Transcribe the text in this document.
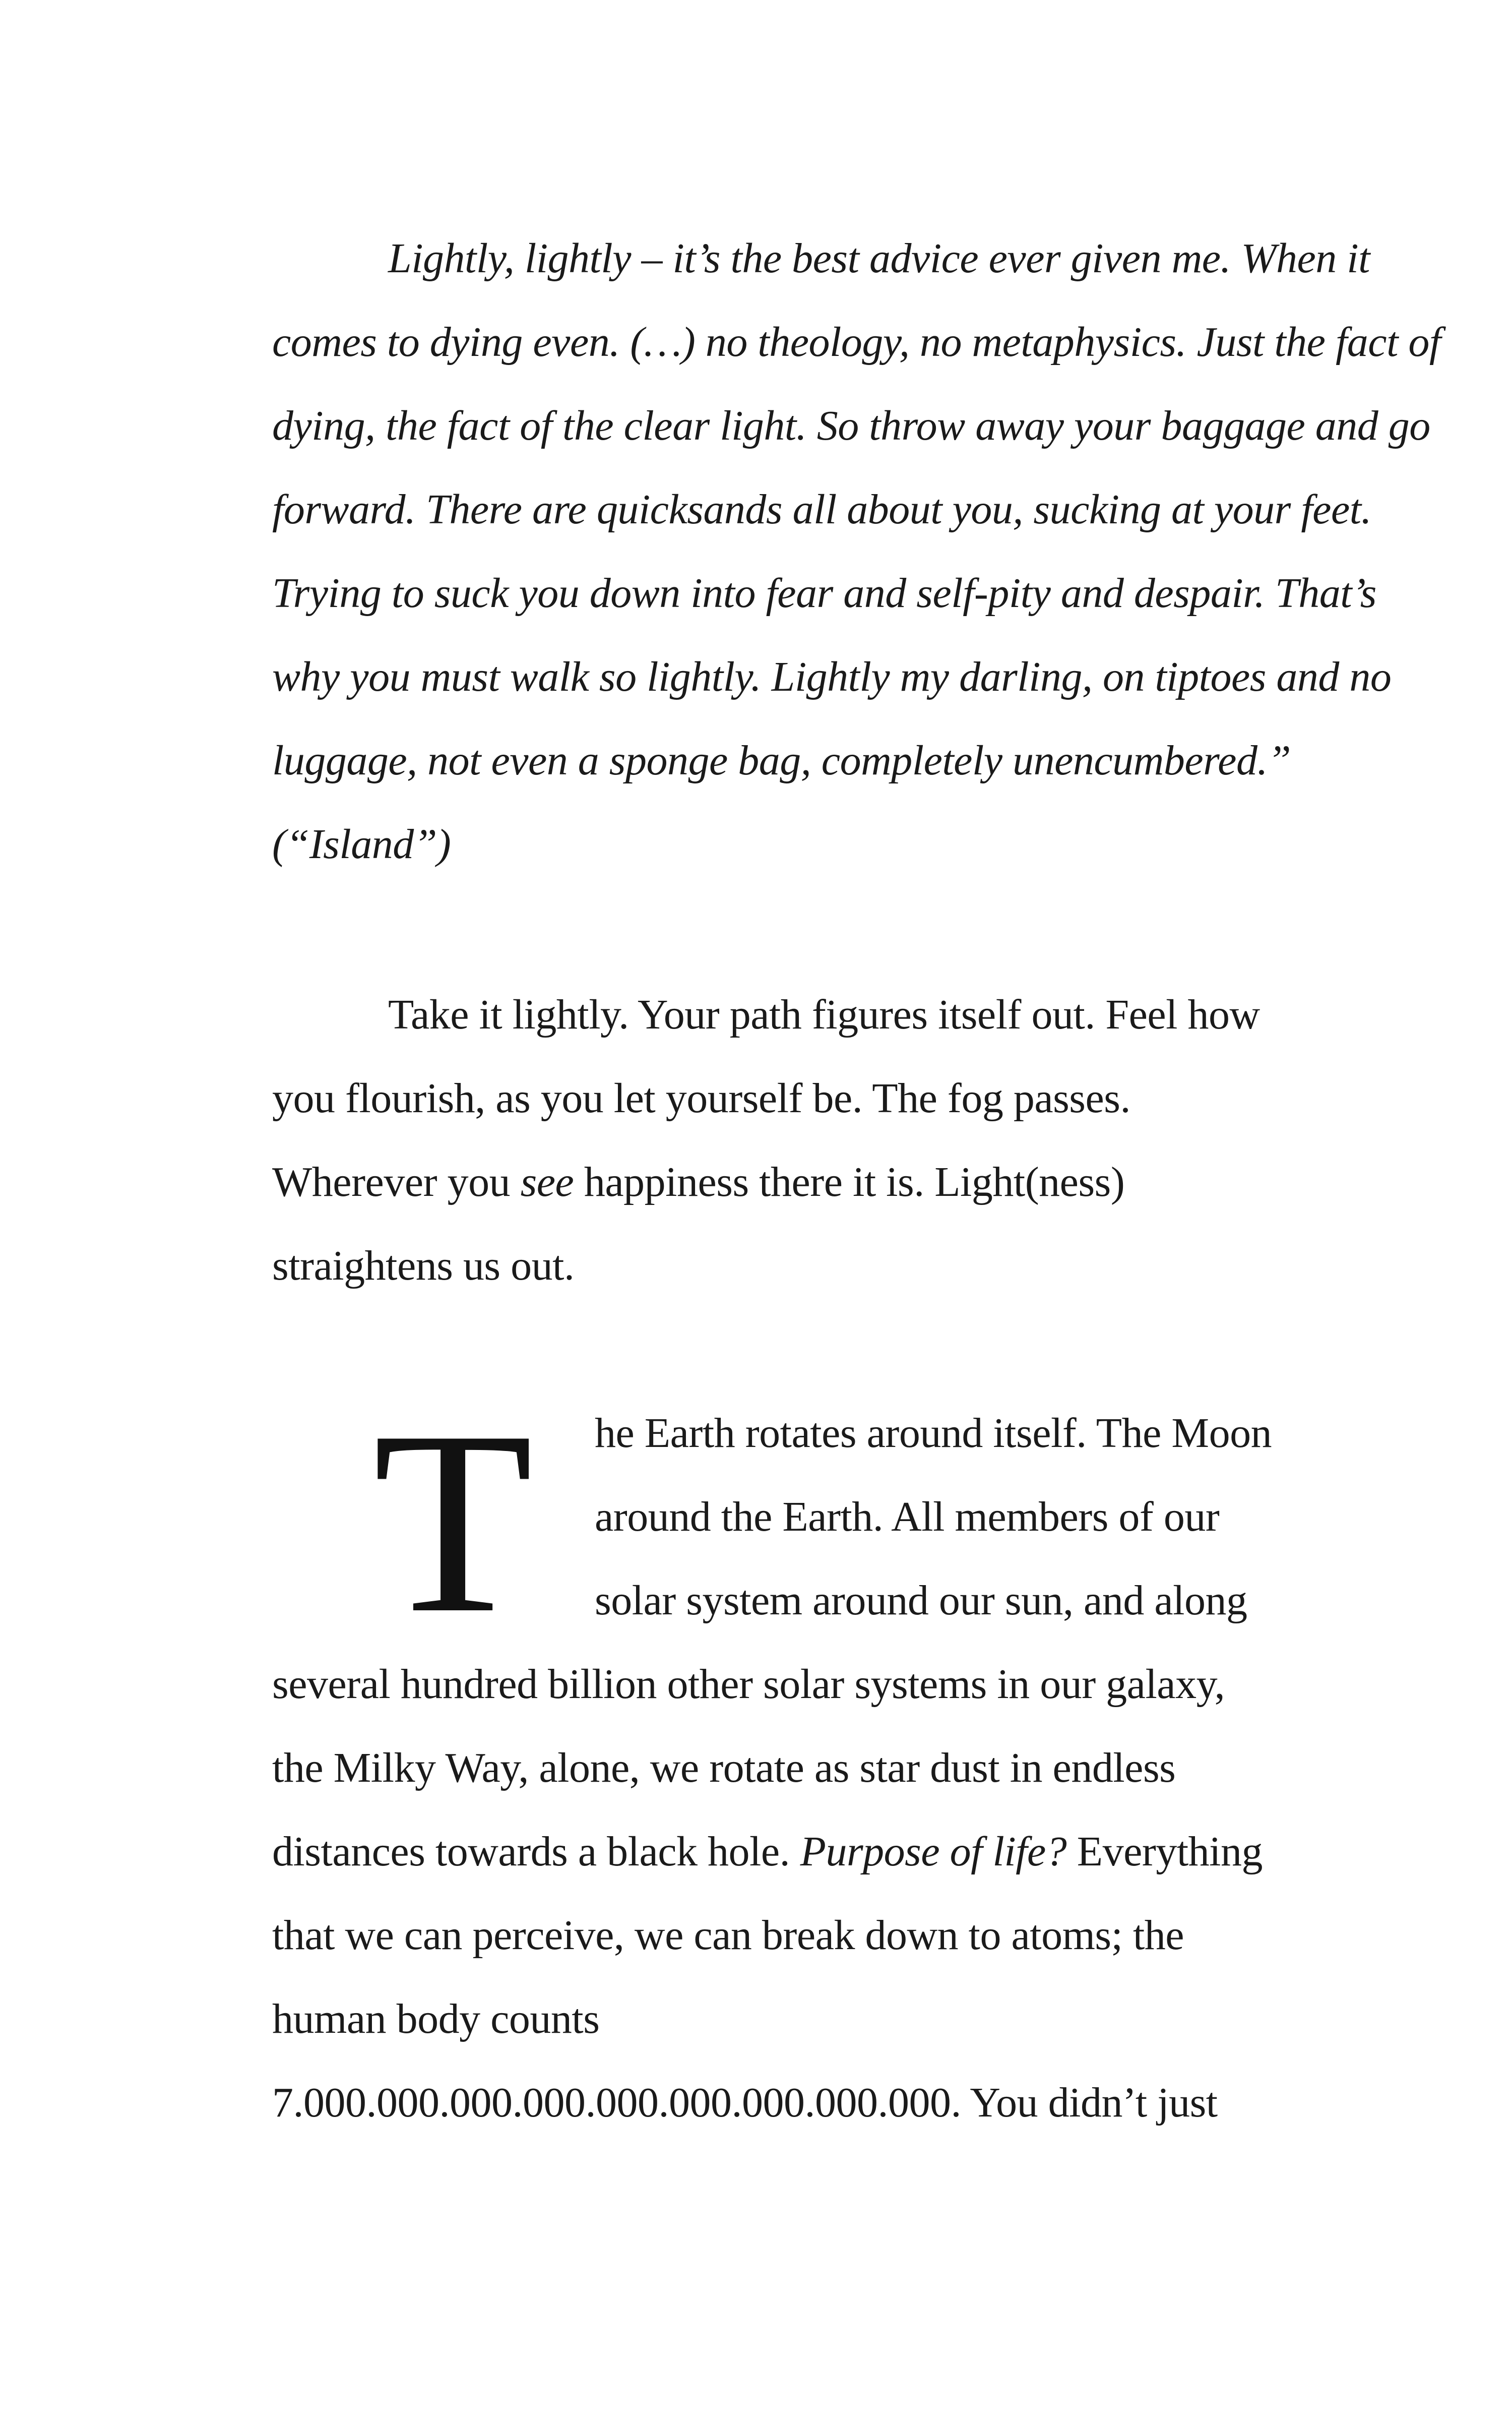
Lightly, lightly – it’s the best advice ever given me. When it
comes to dying even. (…) no theology, no metaphysics. Just the fact of
dying, the fact of the clear light. So throw away your baggage and go
forward. There are quicksands all about you, sucking at your feet.
Trying to suck you down into fear and self-pity and despair. That’s
why you must walk so lightly. Lightly my darling, on tiptoes and no
luggage, not even a sponge bag, completely unencumbered.”
(“Island”)
Take it lightly. Your path figures itself out. Feel how
you flourish, as you let yourself be. The fog passes.
Wherever you see happiness there it is. Light(ness)
straightens us out.
T	he Earth rotates around itself. The Moon
around the Earth. All members of our
solar system around our sun, and along
several hundred billion other solar systems in our galaxy,
the Milky Way, alone, we rotate as star dust in endless
distances towards a black hole. Purpose of life? Everything
that we can perceive, we can break down to atoms; the
human body counts
7.000.000.000.000.000.000.000.000.000. You didn’t just
